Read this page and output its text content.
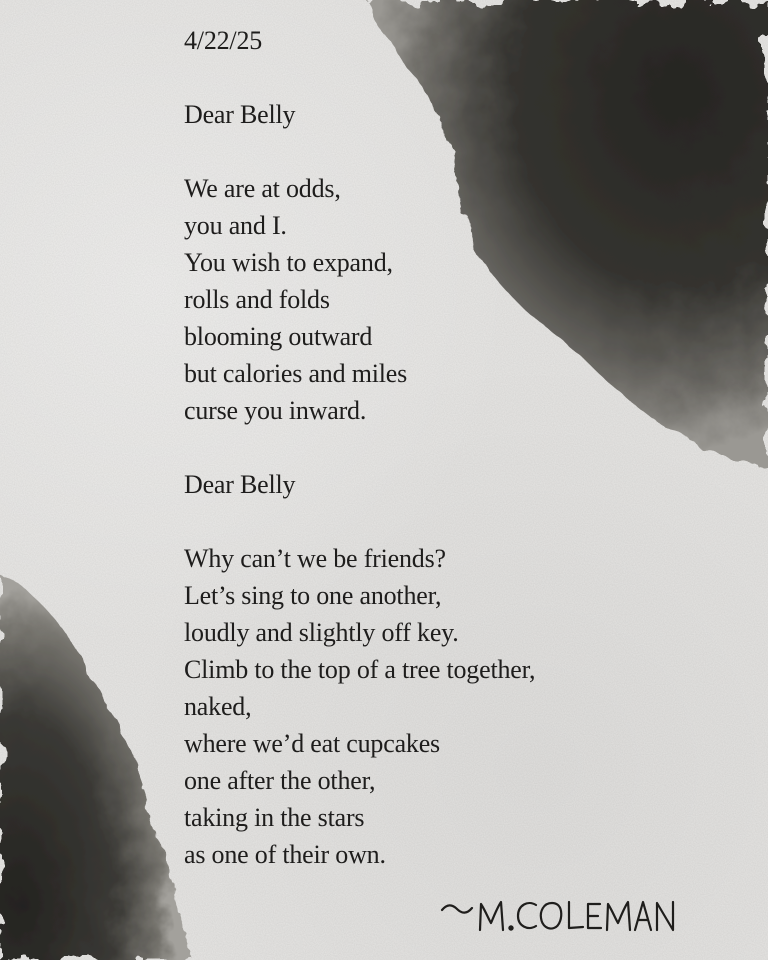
4/22/25
Dear Belly
We are at odds,
you and I.
You wish to expand,
rolls and folds
blooming outward
but calories and miles
curse you inward.
Dear Belly
Why can’t we be friends?
Let’s sing to one another,
loudly and slightly off key.
Climb to the top of a tree together,
naked,
where we’d eat cupcakes
one after the other,
taking in the stars
as one of their own.
